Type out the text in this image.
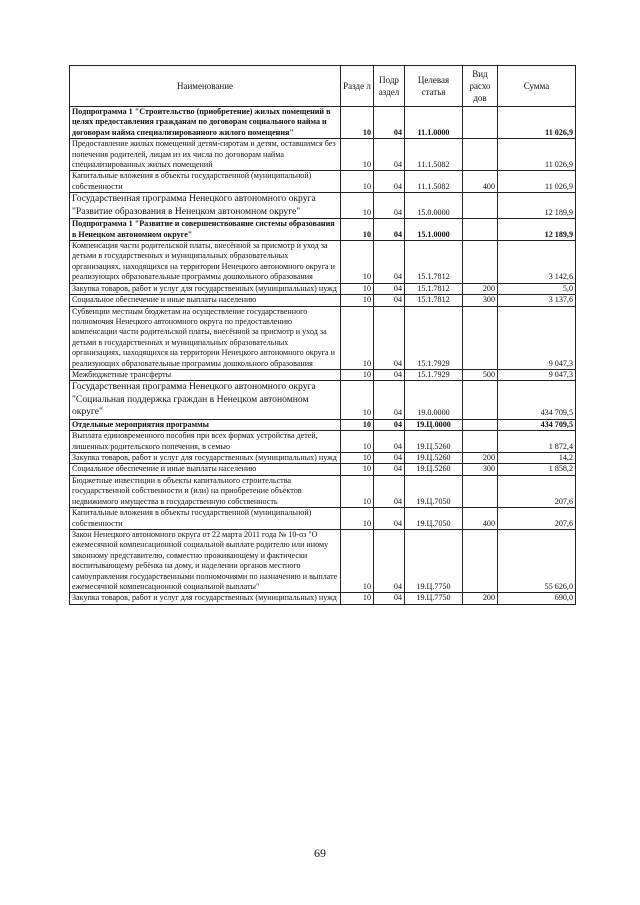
Наименование	Разде л	Подр аздел	Целевая статья	Вид расхо дов	Сумма
Подпрограмма 1 "Строительство (приобретение) жилых помещений в целях предоставления гражданам по договорам социального найма и договорам найма специализированного жилого помещения"	10	04	11.1.0000		11 026,9
Предоставление жилых помещений детям-сиротам и детям, оставшимся без попечения родителей, лицам из их числа по договорам найма специализированных жилых помещений	10	04	11.1.5082		11 026,9
Капитальные вложения в объекты государственной (муниципальной) собственности	10	04	11.1.5082	400	11 026,9
Государственная программа Ненецкого автономного округа "Развитие образования в Ненецком автономном округе"	10	04	15.0.0000		12 189,9
Подпрограмма 1 "Развитие и совершенствование системы образования в Ненецком автономном округе"	10	04	15.1.0000		12 189,9
Компенсация части родительской платы, внесённой за присмотр и уход за детьми в государственных и муниципальных образовательных организациях, находящихся на территории Ненецкого автономного округа и реализующих образовательные программы дошкольного образования	10	04	15.1.7812		3 142,6
Закупка товаров, работ и услуг для государственных (муниципальных) нужд	10	04	15.1.7812	200	5,0
Социальное обеспечение и иные выплаты населению	10	04	15.1.7812	300	3 137,6
Субвенции местным бюджетам на осуществление государственного полномочия Ненецкого автономного округа по предоставлению компенсации части родительской платы, внесённой за присмотр и уход за детьми в государственных и муниципальных образовательных организациях, находящихся на территории Ненецкого автономного округа и реализующих образовательные программы дошкольного образования	10	04	15.1.7929		9 047,3
Межбюджетные трансферты	10	04	15.1.7929	500	9 047,3
Государственная программа Ненецкого автономного округа "Социальная поддержка граждан в Ненецком автономном округе"	10	04	19.0.0000		434 709,5
Отдельные мероприятия программы	10	04	19.Ц.0000		434 709,5
Выплата единовременного пособия при всех формах устройства детей, лишенных родительского попечения, в семью	10	04	19.Ц.5260		1 872,4
Закупка товаров, работ и услуг для государственных (муниципальных) нужд	10	04	19.Ц.5260	200	14,2
Социальное обеспечение и иные выплаты населению	10	04	19.Ц.5260	300	1 858,2
Бюджетные инвестиции в объекты капитального строительства государственной собственности и (или) на приобретение объектов недвижимого имущества в государственную собственность	10	04	19.Ц.7050		207,6
Капитальные вложения в объекты государственной (муниципальной) собственности	10	04	19.Ц.7050	400	207,6
Закон Ненецкого автономного округа от 22 марта 2011 года № 10-оз "О ежемесячной компенсационной социальной выплате родителю или иному законному представителю, совместно проживающему и фактически воспитывающему ребёнка на дому, и наделении органов местного самоуправления государственными полномочиями по назначению и выплате ежемесячной компенсационной социальной выплаты"	10	04	19.Ц.7750		55 626,0
Закупка товаров, работ и услуг для государственных (муниципальных) нужд	10	04	19.Ц.7750	200	690,0
69
